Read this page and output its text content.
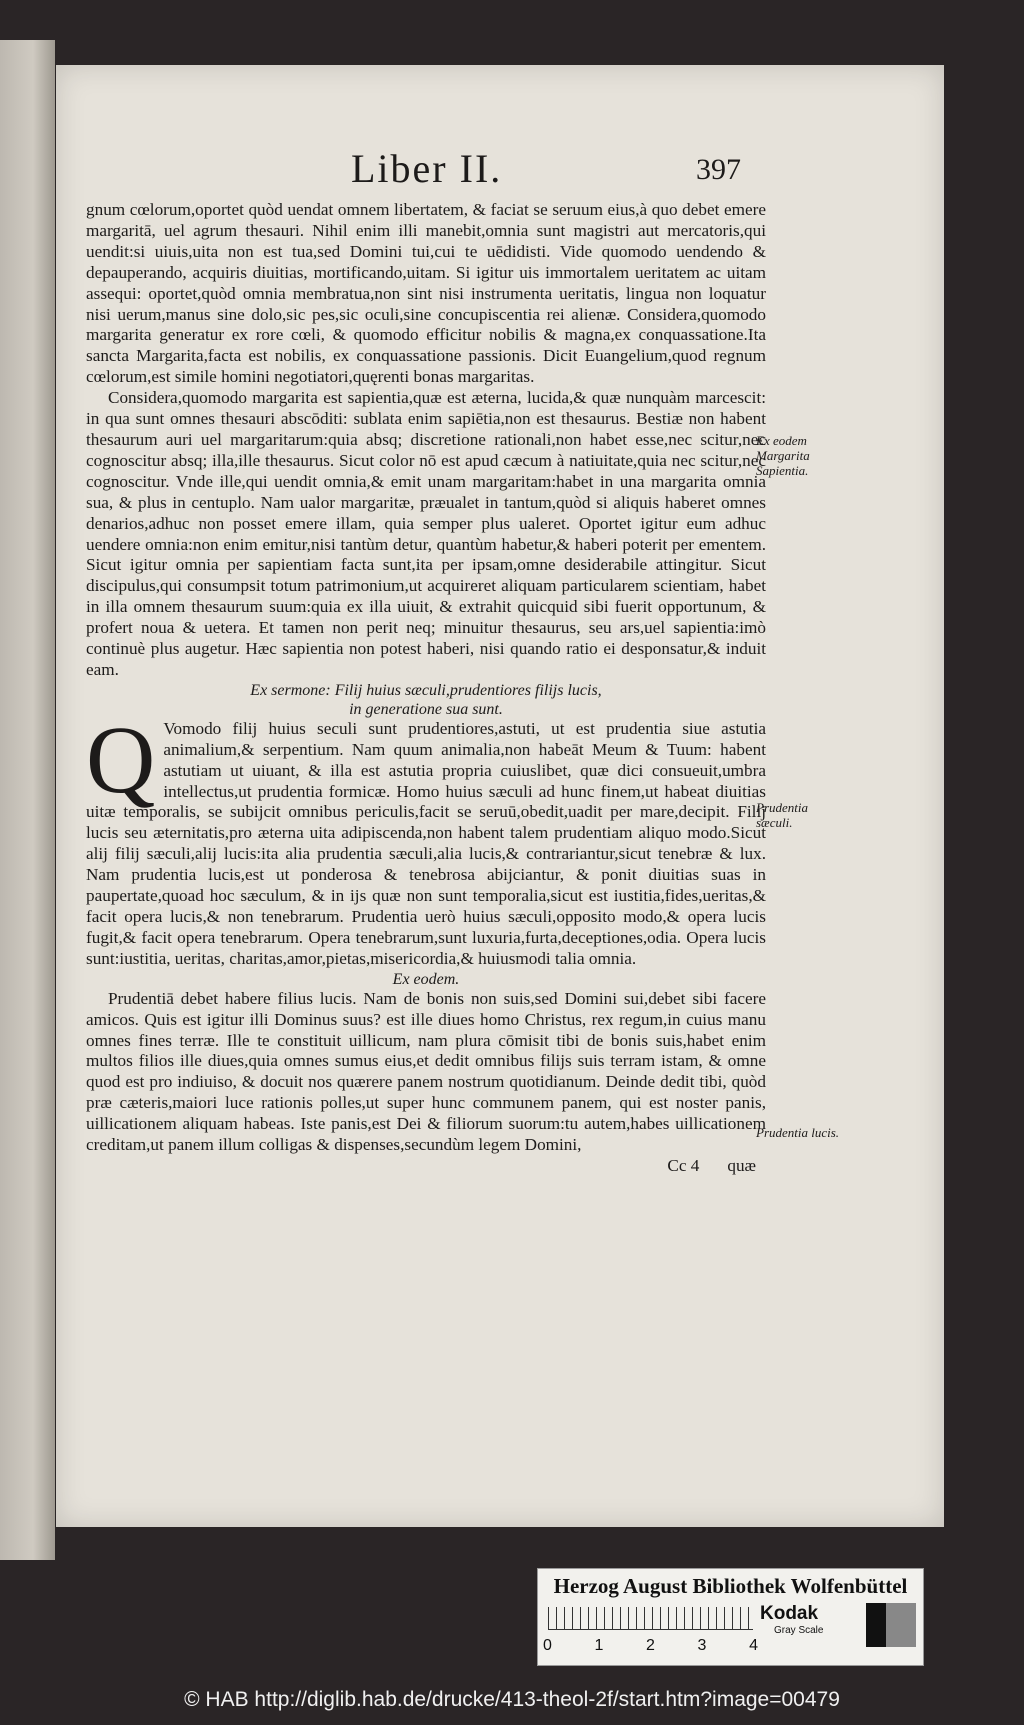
Liber II.	397

gnum cœlorum,oportet quòd uendat omnem libertatem, & faciat se seruum eius,à quo debet emere margaritā, uel agrum thesauri. Nihil enim illi manebit,omnia sunt magistri aut mercatoris,qui uendit:si uiuis,uita non est tua,sed Domini tui,cui te uēdidisti. Vide quomodo uendendo & depauperando, acquiris diuitias, mortificando,uitam. Si igitur uis immortalem ueritatem ac uitam assequi: oportet,quòd omnia membratua,non sint nisi instrumenta ueritatis, lingua non loquatur nisi uerum,manus sine dolo,sic pes,sic oculi,sine concupiscentia rei alienæ. Considera,quomodo margarita generatur ex rore cœli, & quomodo efficitur nobilis & magna,ex conquassatione.Ita sancta Margarita,facta est nobilis, ex conquassatione passionis. Dicit Euangelium,quod regnum cœlorum,est simile homini negotiatori,quęrenti bonas margaritas.

Considera,quomodo margarita est sapientia,quæ est æterna, lucida,& quæ nunquàm marcescit: in qua sunt omnes thesauri abscōditi: sublata enim sapiētia,non est thesaurus. Bestiæ non habent thesaurum auri uel margaritarum:quia absq; discretione rationali,non habet esse,nec scitur,nec cognoscitur absq; illa,ille thesaurus. Sicut color nō est apud cæcum à natiuitate,quia nec scitur,nec cognoscitur. Vnde ille,qui uendit omnia,& emit unam margaritam:habet in una margarita omnia sua, & plus in centuplo. Nam ualor margaritæ, præualet in tantum,quòd si aliquis haberet omnes denarios,adhuc non posset emere illam, quia semper plus ualeret. Oportet igitur eum adhuc uendere omnia:non enim emitur,nisi tantùm detur, quantùm habetur,& haberi poterit per ementem. Sicut igitur omnia per sapientiam facta sunt,ita per ipsam,omne desiderabile attingitur. Sicut discipulus,qui consumpsit totum patrimonium,ut acquireret aliquam particularem scientiam, habet in illa omnem thesaurum suum:quia ex illa uiuit, & extrahit quicquid sibi fuerit opportunum, & profert noua & uetera. Et tamen non perit neq; minuitur thesaurus, seu ars,uel sapientia:imò continuè plus augetur. Hæc sapientia non potest haberi, nisi quando ratio ei desponsatur,& induit eam.

Ex sermone: Filij huius sæculi,prudentiores filijs lucis,
in generatione sua sunt.

Q Vomodo filij huius seculi sunt prudentiores,astuti, ut est prudentia siue astutia animalium,& serpentium. Nam quum animalia,non habeāt Meum & Tuum: habent astutiam ut uiuant, & illa est astutia propria cuiuslibet, quæ dici consueuit,umbra intellectus,ut prudentia formicæ. Homo huius sæculi ad hunc finem,ut habeat diuitias uitæ temporalis, se subijcit omnibus periculis,facit se seruū,obedit,uadit per mare,decipit. Filij lucis seu æternitatis,pro æterna uita adipiscenda,non habent talem prudentiam aliquo modo.Sicut alij filij sæculi,alij lucis:ita alia prudentia sæculi,alia lucis,& contrariantur,sicut tenebræ & lux. Nam prudentia lucis,est ut ponderosa & tenebrosa abijciantur, & ponit diuitias suas in paupertate,quoad hoc sæculum, & in ijs quæ non sunt temporalia,sicut est iustitia,fides,ueritas,& facit opera lucis,& non tenebrarum. Prudentia uerò huius sæculi,opposito modo,& opera lucis fugit,& facit opera tenebrarum. Opera tenebrarum,sunt luxuria,furta,deceptiones,odia. Opera lucis sunt:iustitia, ueritas, charitas,amor,pietas,misericordia,& huiusmodi talia omnia.

Ex eodem.

Prudentiā debet habere filius lucis. Nam de bonis non suis,sed Domini sui,debet sibi facere amicos. Quis est igitur illi Dominus suus? est ille diues homo Christus, rex regum,in cuius manu omnes fines terræ. Ille te constituit uillicum, nam plura cōmisit tibi de bonis suis,habet enim multos filios ille diues,quia omnes sumus eius,et dedit omnibus filijs suis terram istam, & omne quod est pro indiuiso, & docuit nos quærere panem nostrum quotidianum. Deinde dedit tibi, quòd præ cæteris,maiori luce rationis polles,ut super hunc communem panem, qui est noster panis, uillicationem aliquam habeas. Iste panis,est Dei & filiorum suorum:tu autem,habes uillicationem creditam,ut panem illum colligas & dispenses,secundùm legem Domini,

Cc 4 quæ
Ex eodem Margarita Sapientia.
Prudentia sæculi.
Prudentia lucis.
Herzog August Bibliothek Wolfenbüttel
0	1	2	3	4
Kodak
Gray Scale
© HAB http://diglib.hab.de/drucke/413-theol-2f/start.htm?image=00479
